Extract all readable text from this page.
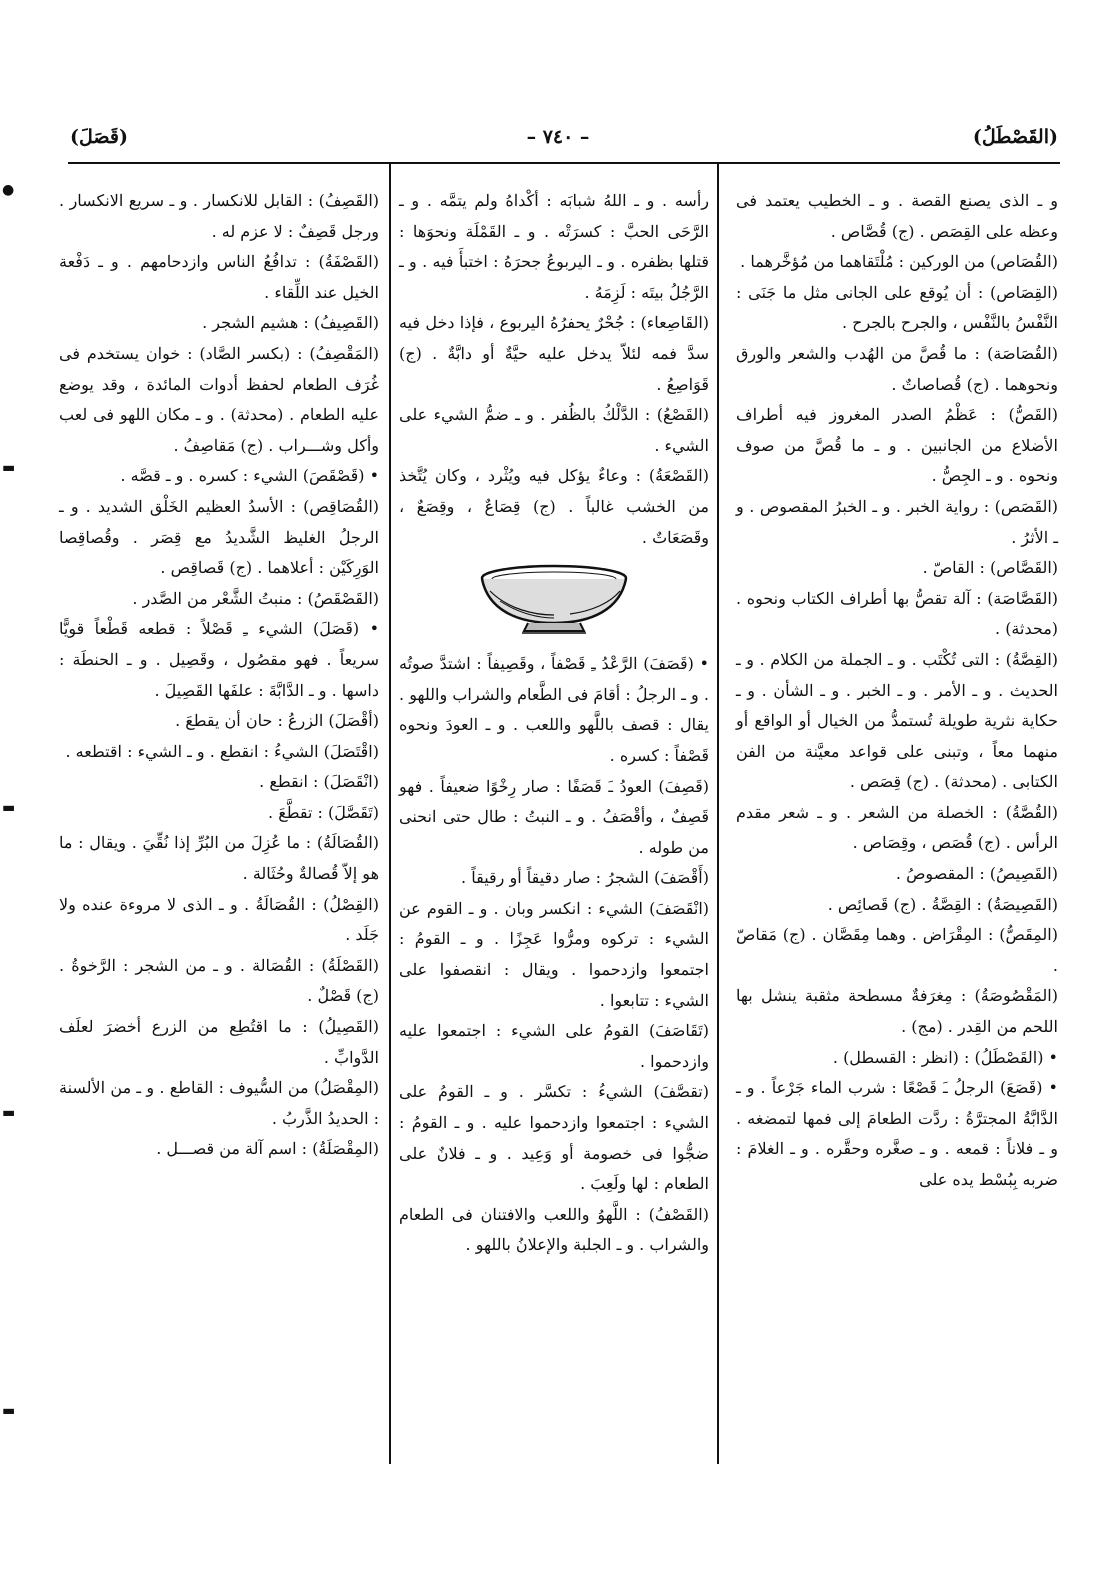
(القَصْطَلُ)
– ٧٤٠ –
(قَصَلَ)

و ـ الذى يصنع القصة . و ـ الخطيب يعتمد فى وعظه على القِصَص . (ج) قُصَّاص .

(القُصَاص) من الوركين : مُلْتَقاهما من مُؤخَّرهما .

(القِصَاص) : أن يُوقع على الجانى مثل ما جَنَى : النَّفْسُ بالنَّفْس ، والجرح بالجرح .

(القُصَاصَة) : ما قُصَّ من الهُدب والشعر والورق ونحوهما . (ج) قُصاصاتٌ .

(القَصُّ) : عَظْمُ الصدر المغروز فيه أطراف الأضلاع من الجانبين . و ـ ما قُصَّ من صوف ونحوه . و ـ الجِصُّ .

(القَصَص) : رواية الخبر . و ـ الخبرُ المقصوص . و ـ الأثرُ .

(القَصَّاص) : القاصّ .

(القَصَّاصَة) : آلة تقصُّ بها أطراف الكتاب ونحوه . (محدثة) .

(القِصَّةُ) : التى تُكْتَب . و ـ الجملة من الكلام . و ـ الحديث . و ـ الأمر . و ـ الخبر . و ـ الشأن . و ـ حكاية نثرية طويلة تُستمدُّ من الخيال أو الواقع أو منهما معاً ، وتبنى على قواعد معيَّنة من الفن الكتابى . (محدثة) . (ج) قِصَص .

(القُصَّةُ) : الخصلة من الشعر . و ـ شعر مقدم الرأس . (ج) قُصَص ، وقِصَاص .

(القَصِيصُ) : المقصوصُ .

(القَصِيصَةُ) : القِصَّةُ . (ج) قَصائِص .

(المِقَصُّ) : المِقْرَاض . وهما مِقَصَّان . (ج) مَقاصّ .

(المَقْصُوصَةُ) : مِغرَفةٌ مسطحة مثقبة ينشل بها اللحم من القِدر . (مج) .

• (القَصْطَلُ) : (انظر : القسطل) .

• (قَصَعَ) الرجلُ ـَ قَصْعًا : شرب الماء جَرْعاً . و ـ الدَّابَّةُ المجترَّةُ : ردَّت الطعامَ إلى فمها لتمضغه . و ـ فلاناً : قمعه . و ـ صغَّره وحقَّره . و ـ الغلامَ : ضربه بِبُسْط يده على

رأسه . و ـ اللهُ شبابَه : أكْداهُ ولم يتمَّه . و ـ الرَّحَى الحبَّ : كسرَتْه . و ـ القَمْلَة ونحوَها : قتلها بظفره . و ـ اليربوعُ جحرَهُ : اختبأَ فيه . و ـ الرَّجُلُ بيتَه : لَزِمَهُ .

(القَاصِعاء) : جُحْرٌ يحفرُهُ اليربوع ، فإذا دخل فيه سدَّ فمه لئلاّ يدخل عليه حيَّةٌ أو دابَّةٌ . (ج) قَوَاصِعُ .

(القَصْعُ) : الدَّلْكُ بالظُفر . و ـ ضمُّ الشيء على الشيء .

(القَصْعَةُ) : وعاءٌ يؤكل فيه ويُثْرد ، وكان يُتَّخذ من الخشب غالباً . (ج) قِصَاعٌ ، وقِصَعٌ ، وقَصَعَاتٌ .

• (قَصَفَ) الرَّعْدُ ـِ قَصْفاً ، وقَصِيفاً : اشتدَّ صوتُه . و ـ الرجلُ : أقامَ فى الطَّعام والشراب واللهو . يقال : قصف باللَّهو واللعب . و ـ العودَ ونحوه قَصْفاً : كسره .

(قَصِفَ) العودُ ـَ قَصَفًا : صار رِخْوًا ضعيفاً . فهو قَصِفٌ ، وأقْصَفُ . و ـ النبتُ : طال حتى انحنى من طوله .

(أَقْصَفَ) الشجرُ : صار دقيقاً أو رقيقاً .

(انْقَصَفَ) الشيء : انكسر وبان . و ـ القوم عن الشيء : تركوه ومرُّوا عَجِزًا . و ـ القومُ : اجتمعوا وازدحموا . ويقال : انقصفوا على الشيء : تتابعوا .

(تَقَاصَفَ) القومُ على الشيء : اجتمعوا عليه وازدحموا .

(تقصَّفَ) الشيءُ : تكسَّر . و ـ القومُ على الشيء : اجتمعوا وازدحموا عليه . و ـ القومُ : ضجُّوا فى خصومة أو وَعِيد . و ـ فلانٌ على الطعام : لها ولَعِبَ .

(القَصْفُ) : اللَّهوُ واللعب والافتنان فى الطعام والشراب . و ـ الجلبة والإعلانُ باللهو .

(القَصِفُ) : القابل للانكسار . و ـ سريع الانكسار . ورجل قَصِفٌ : لا عزم له .

(القَصْفَةُ) : تدافُعُ الناس وازدحامهم . و ـ دَفْعة الخيل عند اللِّقاء .

(القَصِيفُ) : هشيم الشجر .

(المَقْصِفُ) : (بكسر الصَّاد) : خوان يستخدم فى غُرَف الطعام لحفظ أدوات المائدة ، وقد يوضع عليه الطعام . (محدثة) . و ـ مكان اللهو فى لعب وأكل وشـــراب . (ج) مَقاصِفُ .

• (قَصْقَصَ) الشيء : كسره . و ـ قصَّه .

(القُصَاقِص) : الأسدُ العظيم الخَلْق الشديد . و ـ الرجلُ الغليظ الشَّديدُ مع قِصَر . وقُصاقِصا الوَرِكَيْن : أعلاهما . (ج) قَصاقِص .

(القَصْقَصُ) : منبتُ الشَّعْر من الصَّدر .

• (قَصَلَ) الشيء ـِ قَصْلاً : قطعه قَطْعاً قويًّا سريعاً . فهو مقصُول ، وقَصِيل . و ـ الحنطَة : داسها . و ـ الدَّابَّةَ : علفَها القَصِيلَ .

(أقْصَلَ) الزرعُ : حان أن يقطعَ .

(اقْتَصَلَ) الشيءُ : انقطع . و ـ الشيء : اقتطعه .

(انْقَصَلَ) : انقطع .

(تَقَصَّلَ) : تقطَّعَ .

(القُصَالَةُ) : ما عُزِلَ من البُرِّ إذا نُقِّيَ . ويقال : ما هو إلاّ قُصالةٌ وحُثَالة .

(القِصْلُ) : القُصَالَةُ . و ـ الذى لا مروءة عنده ولا جَلَد .

(القَصْلَةُ) : القُصَالة . و ـ من الشجر : الرَّخوةُ . (ج) قَصْلٌ .

(القَصِيلُ) : ما اقتُطِع من الزرع أخضرَ لعلَف الدَّوابِّ .

(المِقْصَلُ) من السُّيوف : القاطع . و ـ من الألسنة : الحديدُ الذَّربُ .

(المِقْصَلَةُ) : اسم آلة من قصـــل .

●
▬
▬
▬
▬
